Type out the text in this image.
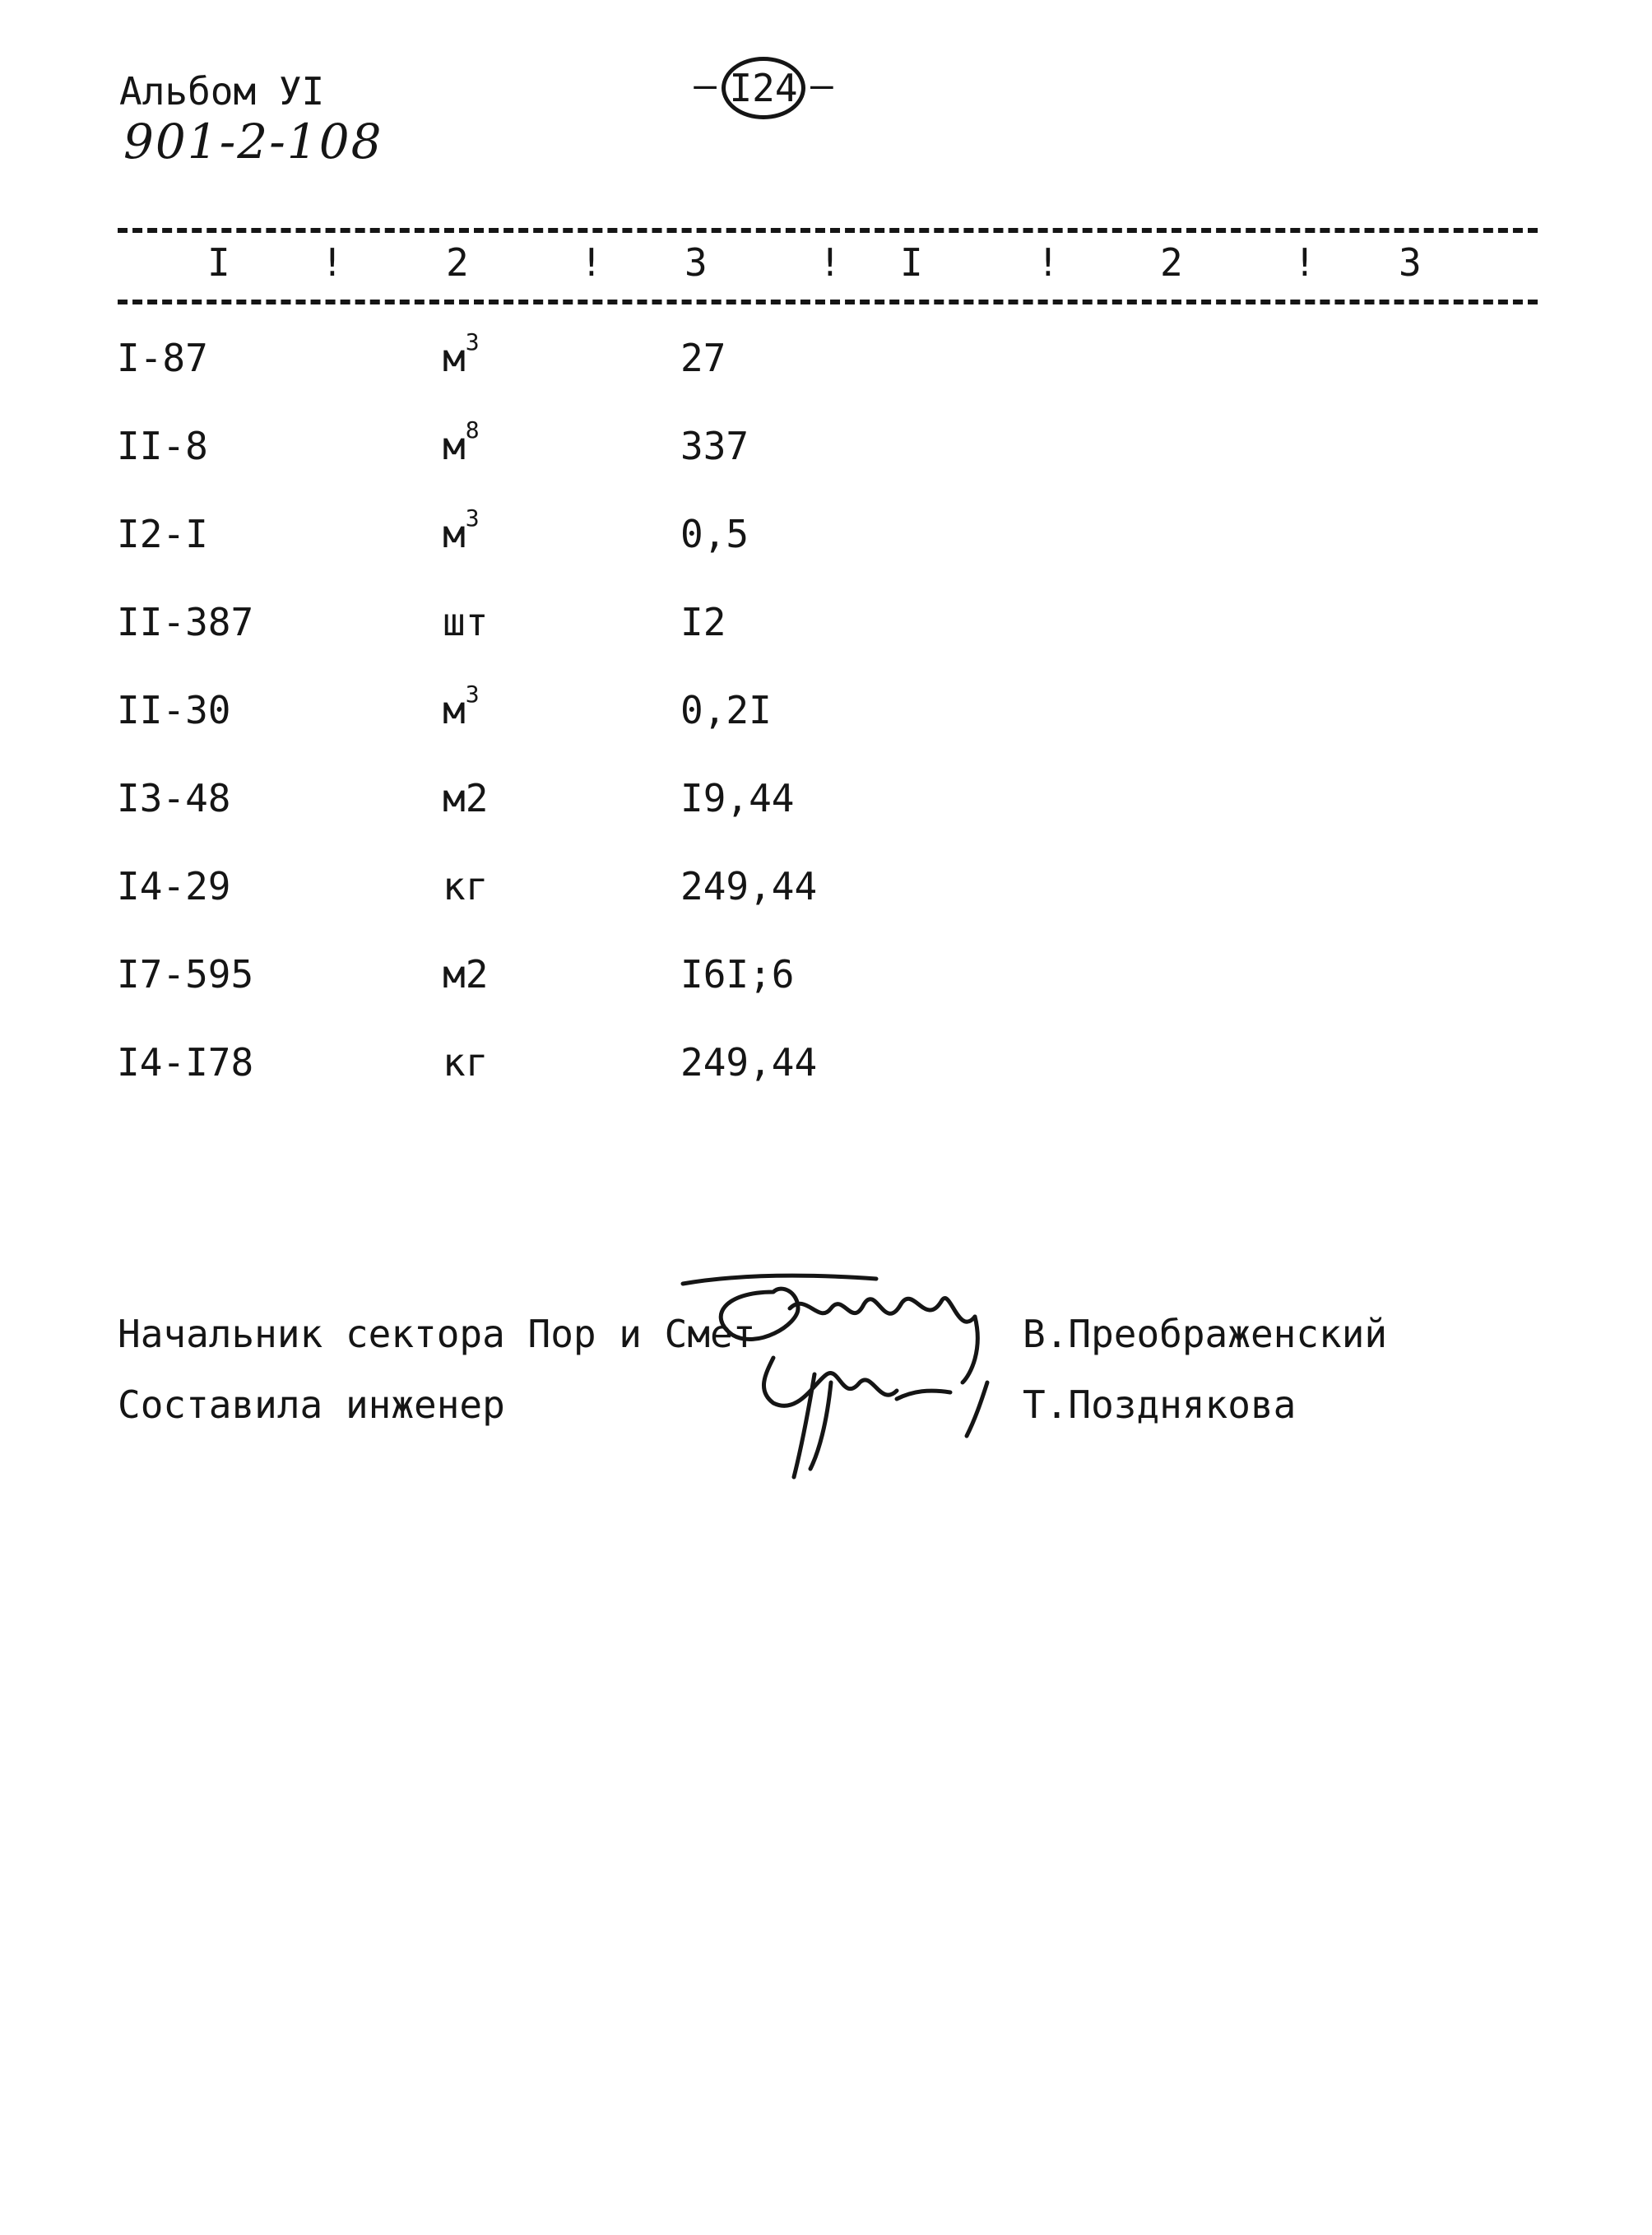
Альбом УI
901-2-108
– I24 –
I !	2	! 3	! I	!	2	! 3
I-87	$м^3$	27
II-8	$м^8$	337
I2-I	$м^3$	0,5
II-387	шт	I2
II-30	$м^3$	0,2I
I3-48	м2	I9,44
I4-29	кг	249,44
I7-595	м2	I6I;6
I4-I78	кг	249,44
Начальник сектора Пор и Смет	В.Преображенский
Составила инженер	Т.Позднякова
